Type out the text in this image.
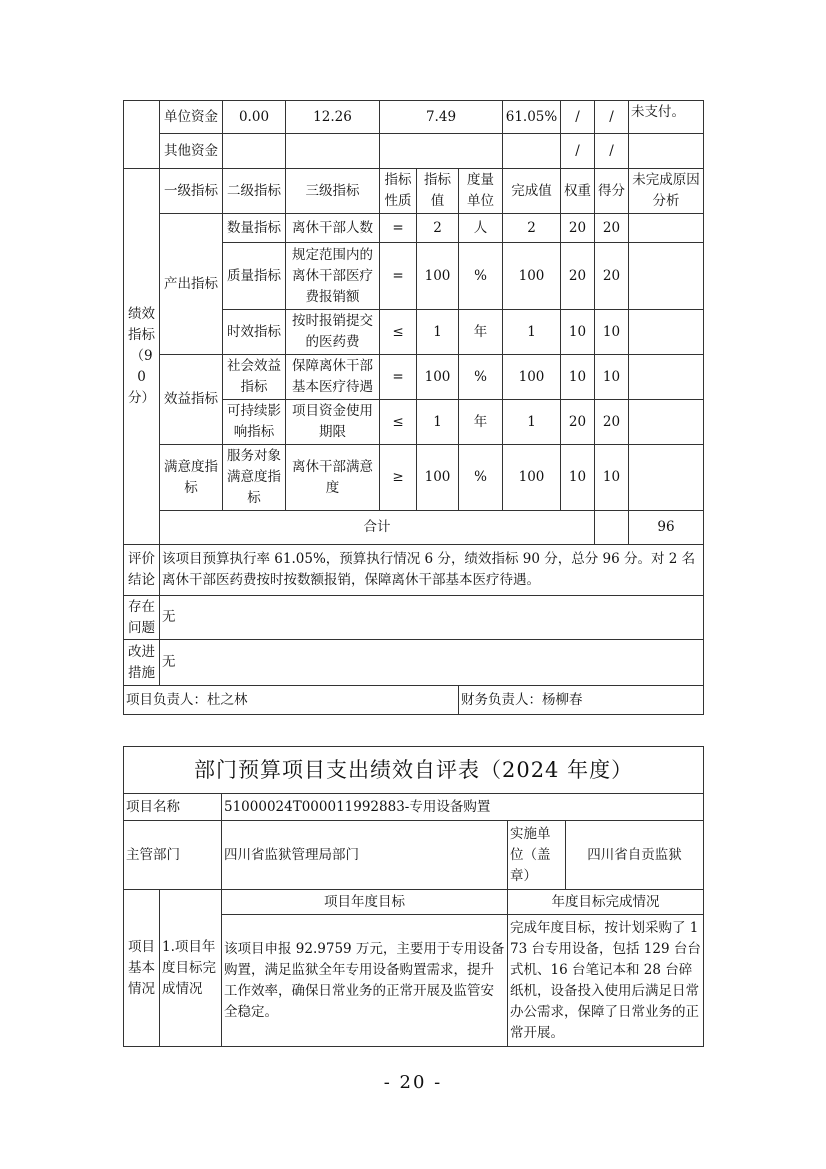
	单位资金	0.00	12.26	7.49			61.05%	/	/	未支付。	
	其他资金							/	/		
绩效指标（90分）	一级指标	二级指标	三级指标	指标性质	指标值	度量单位	完成值	权重	得分	未完成原因分析	
	产出指标	数量指标	离休干部人数	=	2	人	2	20	20		
		质量指标	规定范围内的离休干部医疗费报销额	=	100	%	100	20	20		
		时效指标	按时报销提交的医药费	≤	1	年	1	10	10		
	效益指标	社会效益指标	保障离休干部基本医疗待遇	=	100	%	100	10	10		
		可持续影响指标	项目资金使用期限	≤	1	年	1	20	20		
	满意度指标	服务对象满意度指标	离休干部满意度	≥	100	%	100	10	10		
	合计									96	
评价结论	该项目预算执行率 61.05%，预算执行情况 6 分，绩效指标 90 分，总分 96 分。对 2 名离休干部医药费按时按数额报销，保障离休干部基本医疗待遇。										
存在问题	无										
改进措施	无										
项目负责人：杜之林						财务负责人：杨柳春					
部门预算项目支出绩效自评表（2024 年度）				
项目名称		51000024T000011992883-专用设备购置		
主管部门		四川省监狱管理局部门	实施单位（盖章）	四川省自贡监狱
项目基本情况	1.项目年度目标完成情况	项目年度目标	年度目标完成情况	
		该项目申报 92.9759 万元，主要用于专用设备购置，满足监狱全年专用设备购置需求，提升工作效率，确保日常业务的正常开展及监管安全稳定。	完成年度目标，按计划采购了 173 台专用设备，包括 129 台台式机、16 台笔记本和 28 台碎纸机，设备投入使用后满足日常办公需求，保障了日常业务的正常开展。	
- 20 -
